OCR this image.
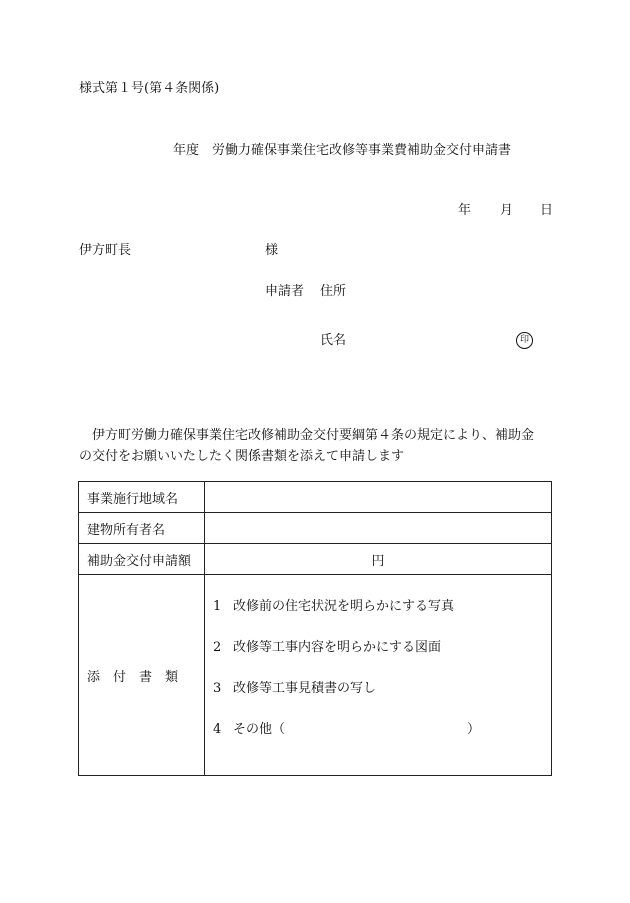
様式第１号(第４条関係)
年度　労働力確保事業住宅改修等事業費補助金交付申請書
年 月 日
伊方町長	様
申請者 住所
氏名	印
　伊方町労働力確保事業住宅改修補助金交付要綱第４条の規定により、補助金
の交付をお願いいたしたく関係書類を添えて申請します
事業施行地域名	
建物所有者名	
補助金交付申請額	円
添付書類	1 改修前の住宅状況を明らかにする写真
2 改修等工事内容を明らかにする図面
3 改修等工事見積書の写し
4 その他（　　　　　　　　　　　　　　）
